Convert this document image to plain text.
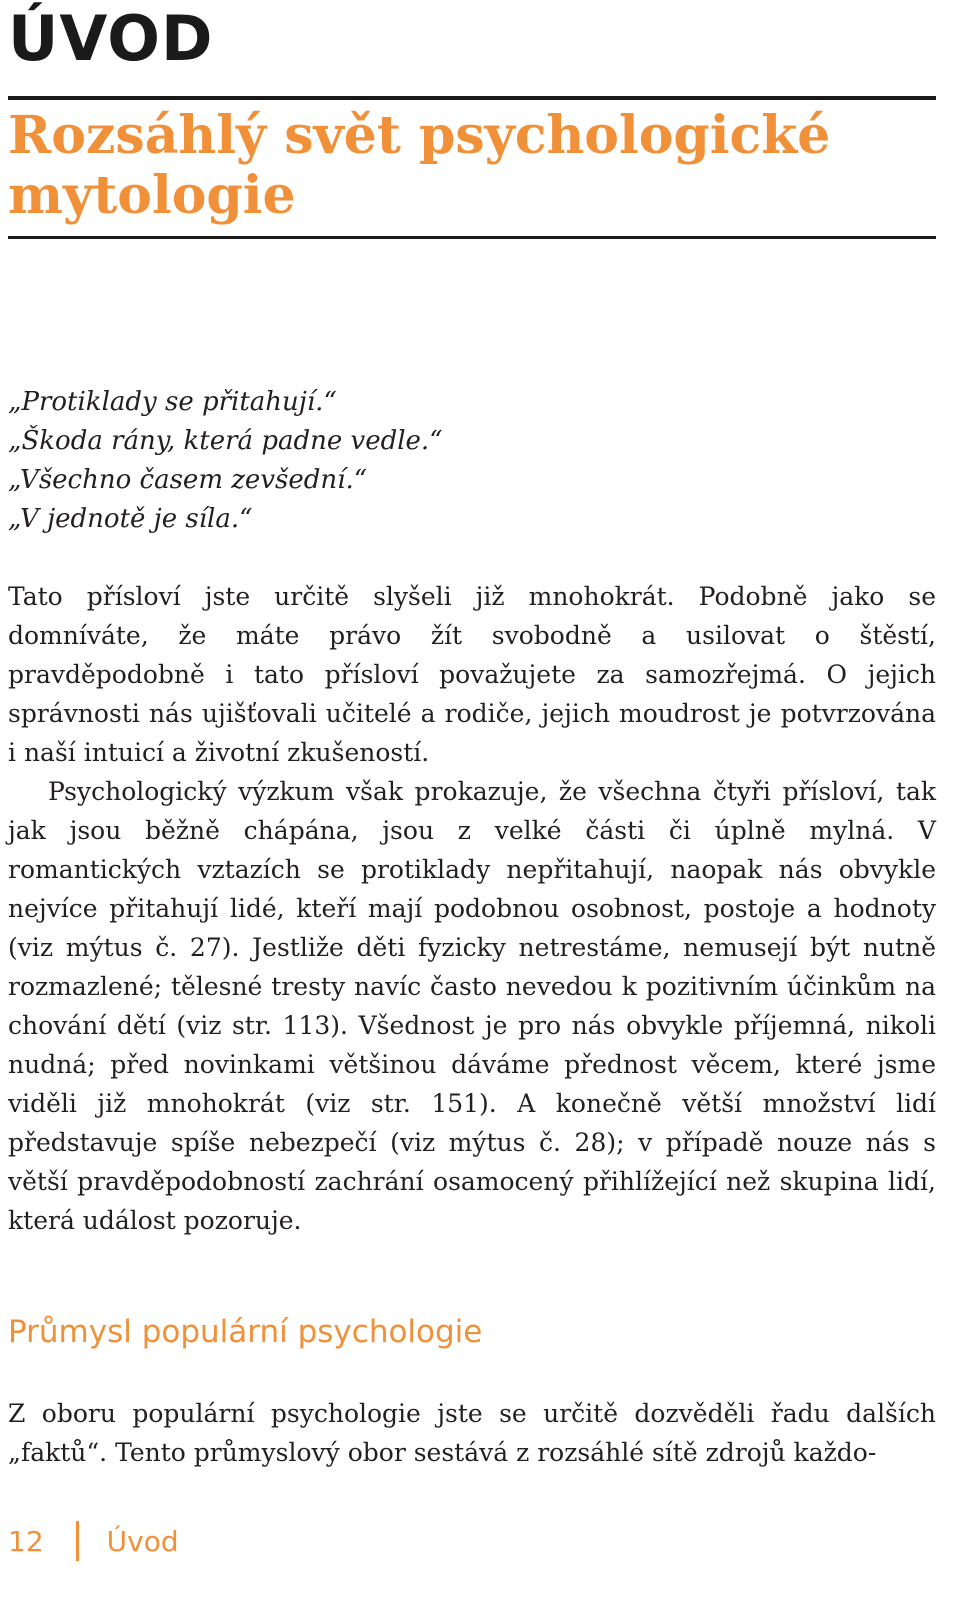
ÚVOD
Rozsáhlý svět psychologické mytologie
„Protiklady se přitahují.“
„Škoda rány, která padne vedle.“
„Všechno časem zevšední.“
„V jednotě je síla.“

Tato přísloví jste určitě slyšeli již mnohokrát. Podobně jako se domníváte, že máte právo žít svobodně a usilovat o štěstí, pravděpodobně i tato přísloví považujete za samozřejmá. O jejich správnosti nás ujišťovali učitelé a rodiče, jejich moudrost je potvrzována i naší intuicí a životní zkušeností.

Psychologický výzkum však prokazuje, že všechna čtyři přísloví, tak jak jsou běžně chápána, jsou z velké části či úplně mylná. V romantických vztazích se protiklady nepřitahují, naopak nás obvykle nejvíce přitahují lidé, kteří mají podobnou osobnost, postoje a hodnoty (viz mýtus č. 27). Jestliže děti fyzicky netrestáme, nemusejí být nutně rozmazlené; tělesné tresty navíc často nevedou k pozitivním účinkům na chování dětí (viz str. 113). Všednost je pro nás obvykle příjemná, nikoli nudná; před novinkami většinou dáváme přednost věcem, které jsme viděli již mnohokrát (viz str. 151). A konečně větší množství lidí představuje spíše nebezpečí (viz mýtus č. 28); v případě nouze nás s větší pravděpodobností zachrání osamocený přihlížející než skupina lidí, která událost pozoruje.

Průmysl populární psychologie

Z oboru populární psychologie jste se určitě dozvěděli řadu dalších „faktů“. Tento průmyslový obor sestává z rozsáhlé sítě zdrojů každo-

12 Úvod
